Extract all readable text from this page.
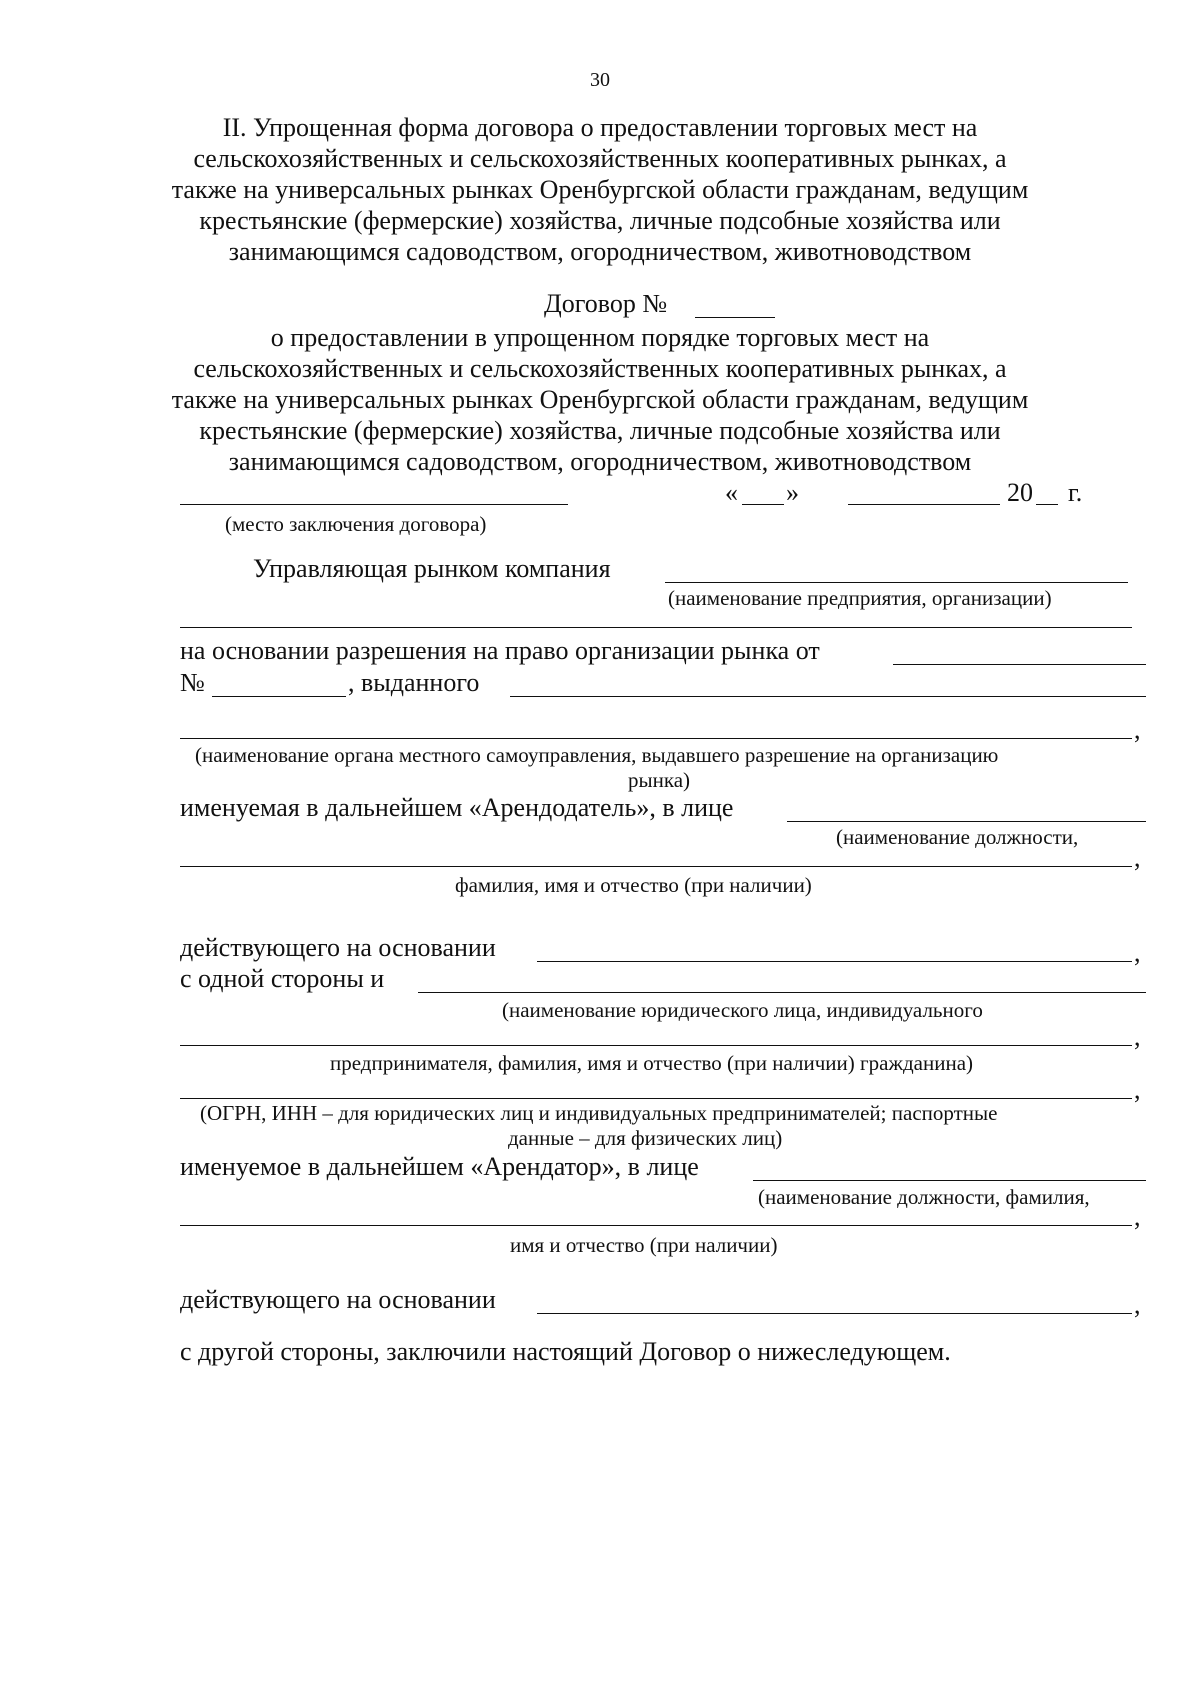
30
II. Упрощенная форма договора о предоставлении торговых мест на
сельскохозяйственных и сельскохозяйственных кооперативных рынках, а
также на универсальных рынках Оренбургской области гражданам, ведущим
крестьянские (фермерские) хозяйства, личные подсобные хозяйства или
занимающимся садоводством, огородничеством, животноводством
Договор №
о предоставлении в упрощенном порядке торговых мест на
сельскохозяйственных и сельскохозяйственных кооперативных рынках, а
также на универсальных рынках Оренбургской области гражданам, ведущим
крестьянские (фермерские) хозяйства, личные подсобные хозяйства или
занимающимся садоводством, огородничеством, животноводством
« »	20 г.
(место заключения договора)
Управляющая рынком компания
(наименование предприятия, организации)
на основании разрешения на право организации рынка от
№	, выданного
,
(наименование органа местного самоуправления, выдавшего разрешение на организацию
рынка)
именуемая в дальнейшем «Арендодатель», в лице
(наименование должности,
,
фамилия, имя и отчество (при наличии)
действующего на основании	,
с одной стороны и
(наименование юридического лица, индивидуального
,
предпринимателя, фамилия, имя и отчество (при наличии) гражданина)
,
(ОГРН, ИНН – для юридических лиц и индивидуальных предпринимателей; паспортные
данные – для физических лиц)
именуемое в дальнейшем «Арендатор», в лице
(наименование должности, фамилия,
,
имя и отчество (при наличии)
действующего на основании	,
с другой стороны, заключили настоящий Договор о нижеследующем.
